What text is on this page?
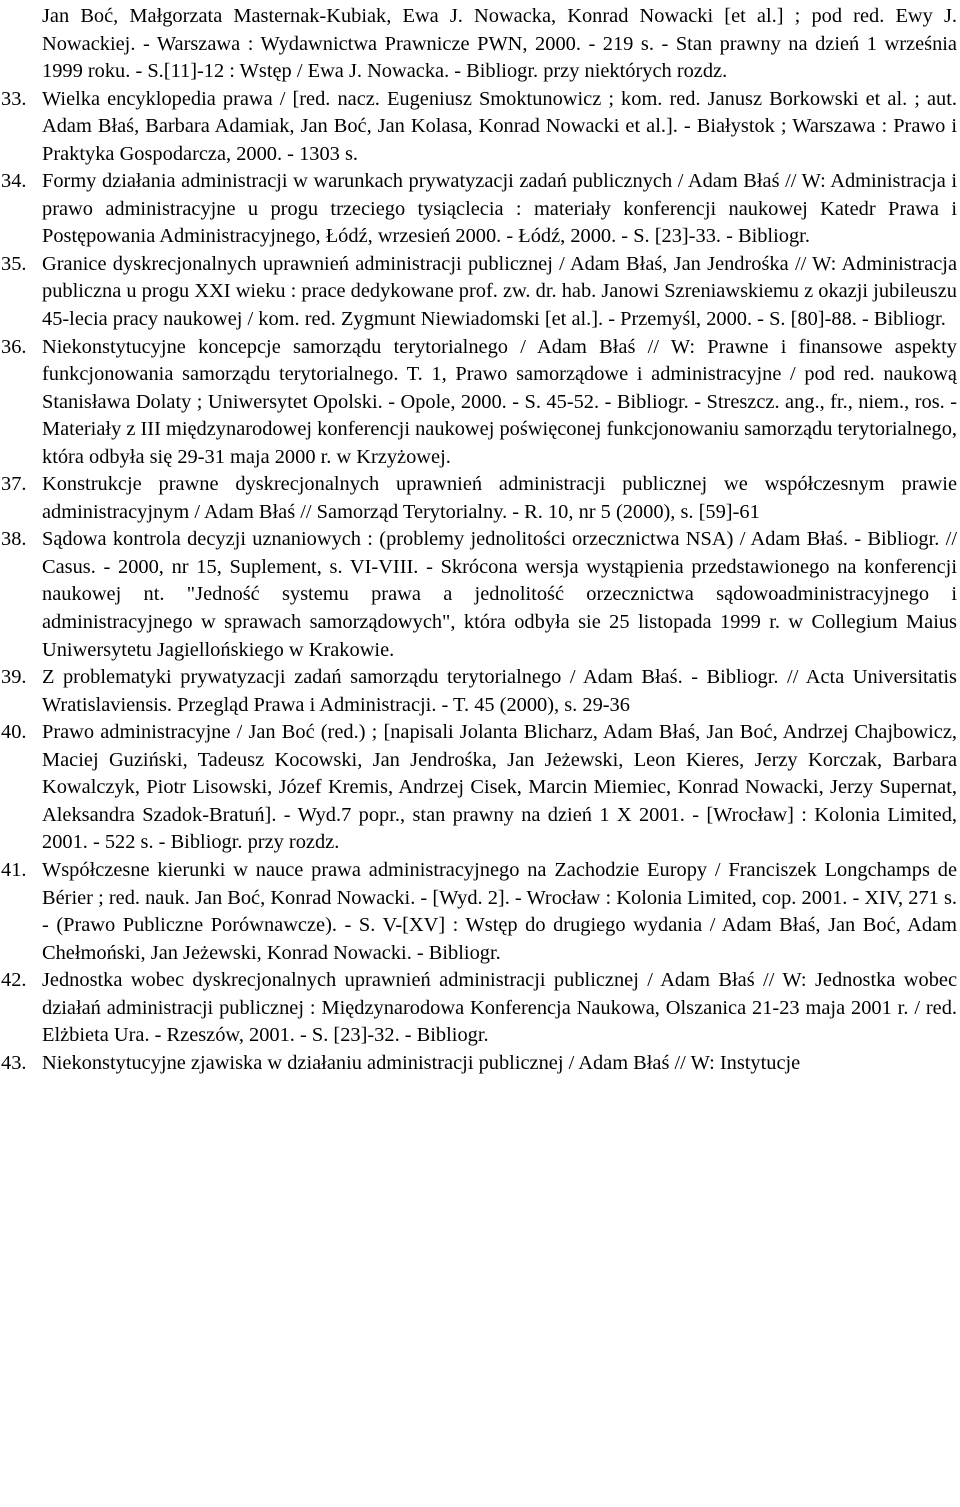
Jan Boć, Małgorzata Masternak-Kubiak, Ewa J. Nowacka, Konrad Nowacki [et al.] ; pod red. Ewy J. Nowackiej. - Warszawa : Wydawnictwa Prawnicze PWN, 2000. - 219 s. - Stan prawny na dzień 1 września 1999 roku. - S.[11]-12 : Wstęp / Ewa J. Nowacka. - Bibliogr. przy niektórych rozdz.

33. Wielka encyklopedia prawa / [red. nacz. Eugeniusz Smoktunowicz ; kom. red. Janusz Borkowski et al. ; aut. Adam Błaś, Barbara Adamiak, Jan Boć, Jan Kolasa, Konrad Nowacki et al.]. - Białystok ; Warszawa : Prawo i Praktyka Gospodarcza, 2000. - 1303 s.

34. Formy działania administracji w warunkach prywatyzacji zadań publicznych / Adam Błaś // W: Administracja i prawo administracyjne u progu trzeciego tysiąclecia : materiały konferencji naukowej Katedr Prawa i Postępowania Administracyjnego, Łódź, wrzesień 2000. - Łódź, 2000. - S. [23]-33. - Bibliogr.

35. Granice dyskrecjonalnych uprawnień administracji publicznej / Adam Błaś, Jan Jendrośka // W: Administracja publiczna u progu XXI wieku : prace dedykowane prof. zw. dr. hab. Janowi Szreniawskiemu z okazji jubileuszu 45-lecia pracy naukowej / kom. red. Zygmunt Niewiadomski [et al.]. - Przemyśl, 2000. - S. [80]-88. - Bibliogr.

36. Niekonstytucyjne koncepcje samorządu terytorialnego / Adam Błaś // W: Prawne i finansowe aspekty funkcjonowania samorządu terytorialnego. T. 1, Prawo samorządowe i administracyjne / pod red. naukową Stanisława Dolaty ; Uniwersytet Opolski. - Opole, 2000. - S. 45-52. - Bibliogr. - Streszcz. ang., fr., niem., ros. - Materiały z III międzynarodowej konferencji naukowej poświęconej funkcjonowaniu samorządu terytorialnego, która odbyła się 29-31 maja 2000 r. w Krzyżowej.

37. Konstrukcje prawne dyskrecjonalnych uprawnień administracji publicznej we współczesnym prawie administracyjnym / Adam Błaś // Samorząd Terytorialny. - R. 10, nr 5 (2000), s. [59]-61

38. Sądowa kontrola decyzji uznaniowych : (problemy jednolitości orzecznictwa NSA) / Adam Błaś. - Bibliogr. // Casus. - 2000, nr 15, Suplement, s. VI-VIII. - Skrócona wersja wystąpienia przedstawionego na konferencji naukowej nt. "Jedność systemu prawa a jednolitość orzecznictwa sądowoadministracyjnego i administracyjnego w sprawach samorządowych", która odbyła sie 25 listopada 1999 r. w Collegium Maius Uniwersytetu Jagiellońskiego w Krakowie.

39. Z problematyki prywatyzacji zadań samorządu terytorialnego / Adam Błaś. - Bibliogr. // Acta Universitatis Wratislaviensis. Przegląd Prawa i Administracji. - T. 45 (2000), s. 29-36

40. Prawo administracyjne / Jan Boć (red.) ; [napisali Jolanta Blicharz, Adam Błaś, Jan Boć, Andrzej Chajbowicz, Maciej Guziński, Tadeusz Kocowski, Jan Jendrośka, Jan Jeżewski, Leon Kieres, Jerzy Korczak, Barbara Kowalczyk, Piotr Lisowski, Józef Kremis, Andrzej Cisek, Marcin Miemiec, Konrad Nowacki, Jerzy Supernat, Aleksandra Szadok-Bratuń]. - Wyd.7 popr., stan prawny na dzień 1 X 2001. - [Wrocław] : Kolonia Limited, 2001. - 522 s. - Bibliogr. przy rozdz.

41. Współczesne kierunki w nauce prawa administracyjnego na Zachodzie Europy / Franciszek Longchamps de Bérier ; red. nauk. Jan Boć, Konrad Nowacki. - [Wyd. 2]. - Wrocław : Kolonia Limited, cop. 2001. - XIV, 271 s. - (Prawo Publiczne Porównawcze). - S. V-[XV] : Wstęp do drugiego wydania / Adam Błaś, Jan Boć, Adam Chełmoński, Jan Jeżewski, Konrad Nowacki. - Bibliogr.

42. Jednostka wobec dyskrecjonalnych uprawnień administracji publicznej / Adam Błaś // W: Jednostka wobec działań administracji publicznej : Międzynarodowa Konferencja Naukowa, Olszanica 21-23 maja 2001 r. / red. Elżbieta Ura. - Rzeszów, 2001. - S. [23]-32. - Bibliogr.

43. Niekonstytucyjne zjawiska w działaniu administracji publicznej / Adam Błaś // W: Instytucje
